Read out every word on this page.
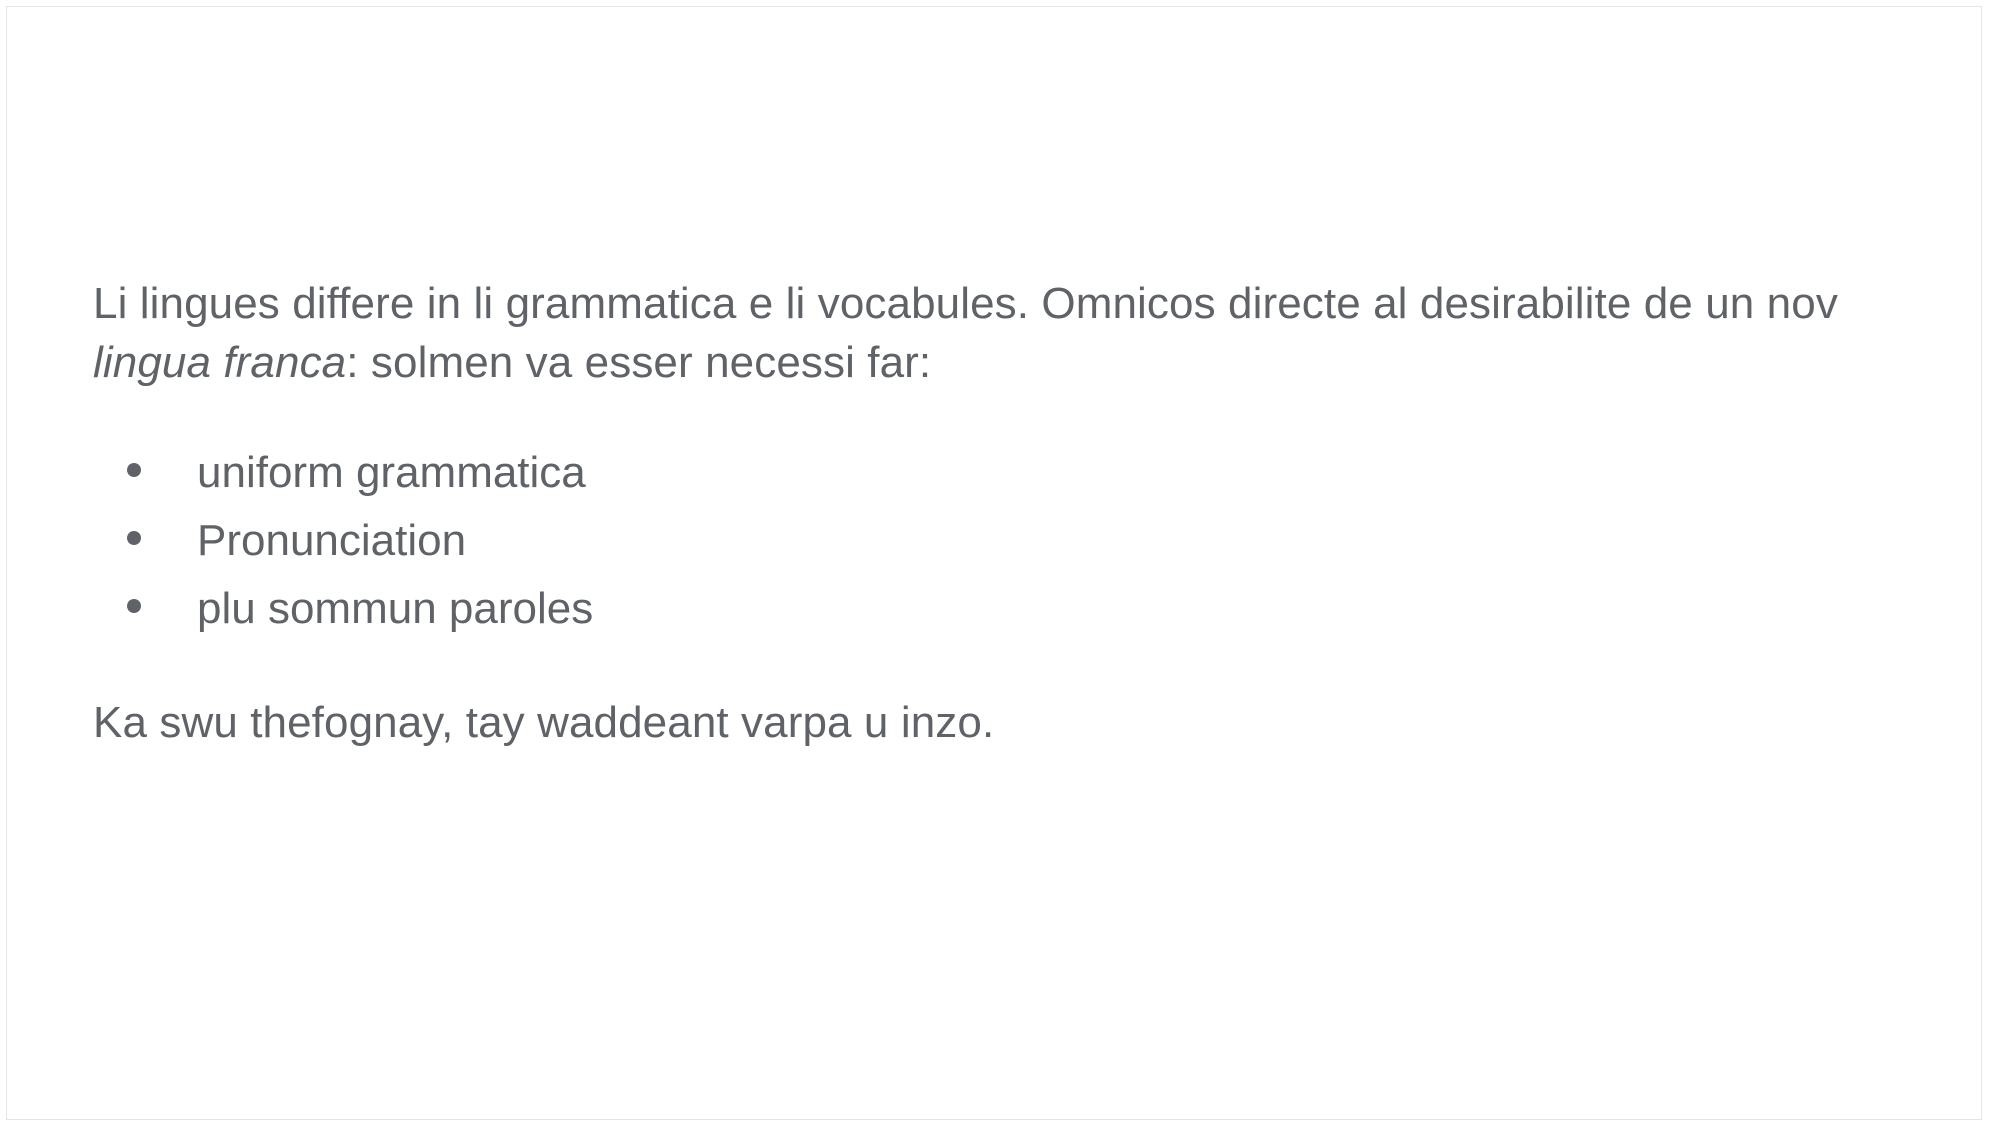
Li lingues differe in li grammatica e li vocabules. Omnicos directe al desirabilite de un nov lingua franca: solmen va esser necessi far:

uniform grammatica
Pronunciation
plu sommun paroles

Ka swu thefognay, tay waddeant varpa u inzo.
